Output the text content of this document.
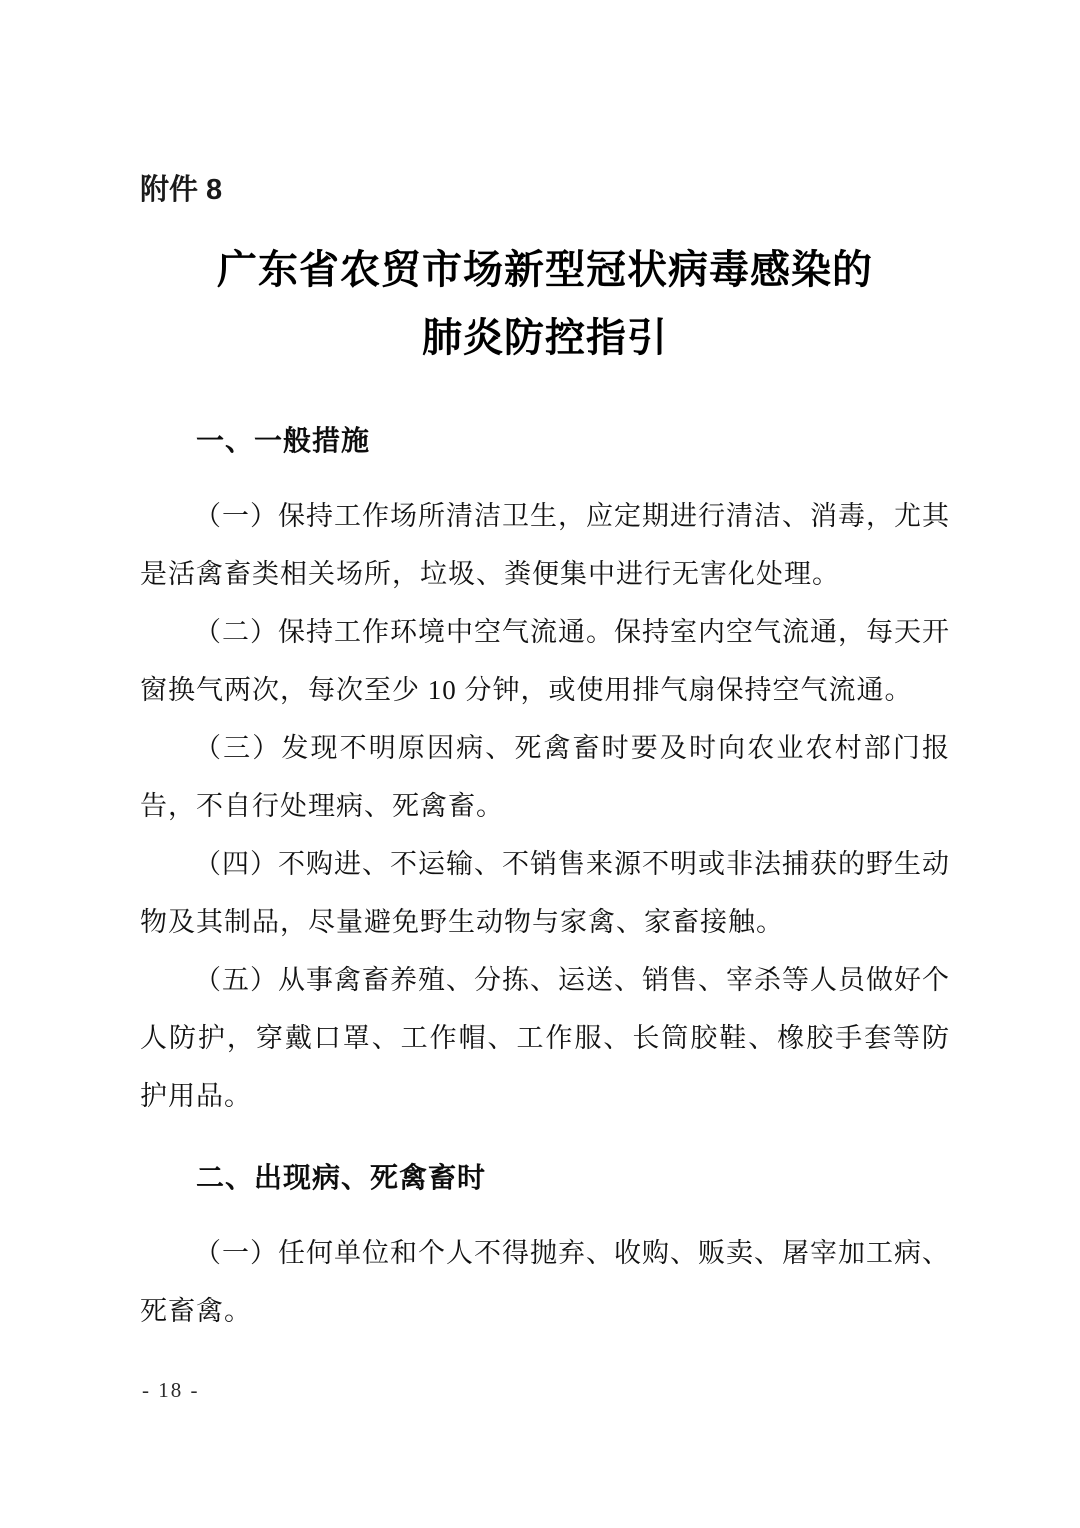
附件 8
广东省农贸市场新型冠状病毒感染的
肺炎防控指引
一、一般措施

（一）保持工作场所清洁卫生，应定期进行清洁、消毒，尤其是活禽畜类相关场所，垃圾、粪便集中进行无害化处理。

（二）保持工作环境中空气流通。保持室内空气流通，每天开窗换气两次，每次至少 10 分钟，或使用排气扇保持空气流通。

（三）发现不明原因病、死禽畜时要及时向农业农村部门报告，不自行处理病、死禽畜。

（四）不购进、不运输、不销售来源不明或非法捕获的野生动物及其制品，尽量避免野生动物与家禽、家畜接触。

（五）从事禽畜养殖、分拣、运送、销售、宰杀等人员做好个人防护，穿戴口罩、工作帽、工作服、长筒胶鞋、橡胶手套等防护用品。

二、出现病、死禽畜时

（一）任何单位和个人不得抛弃、收购、贩卖、屠宰加工病、死畜禽。

- 18 -
